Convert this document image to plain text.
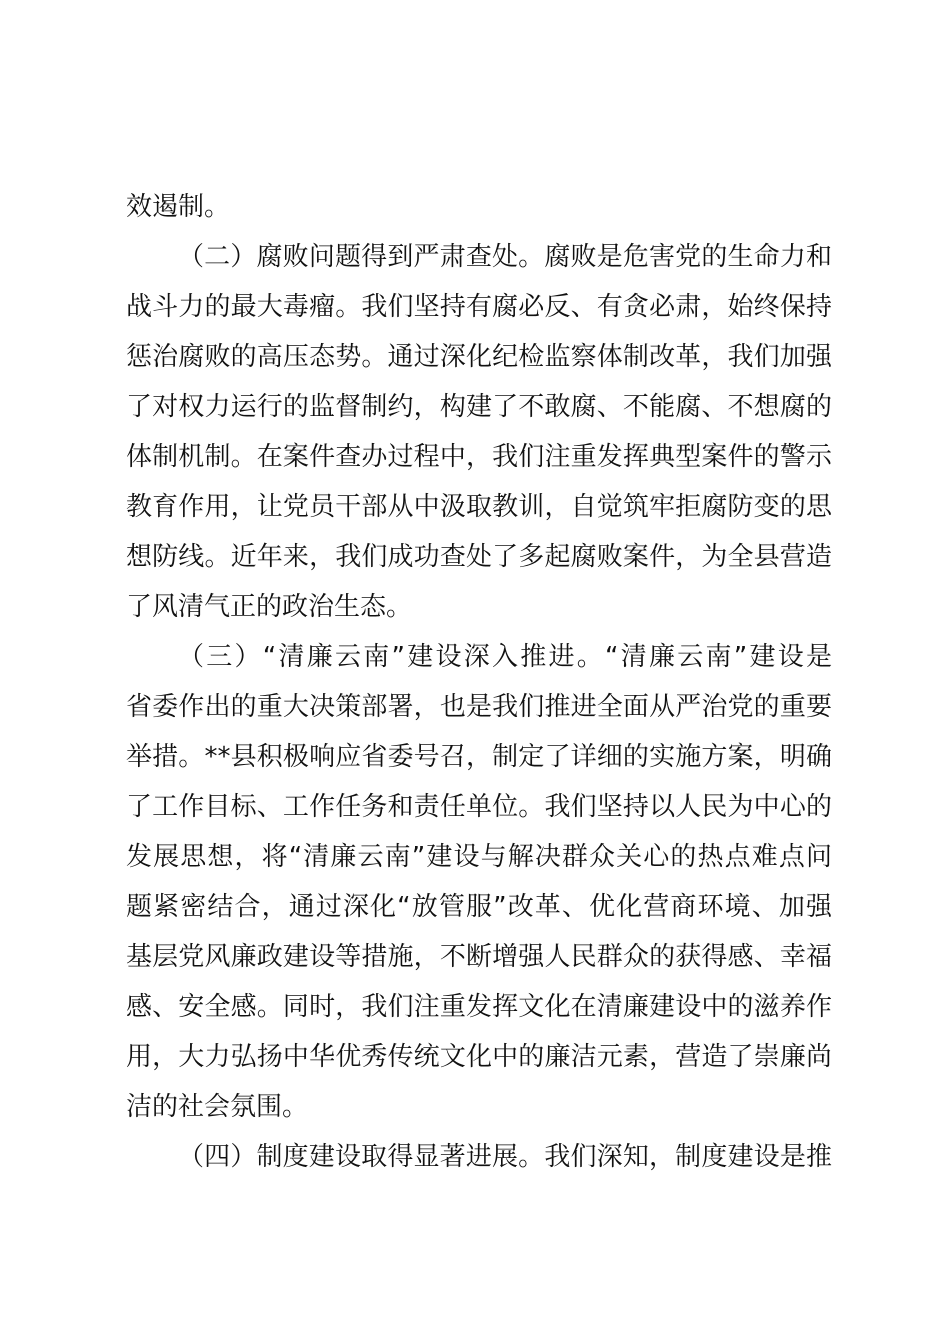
效遏制。
（二）腐败问题得到严肃查处。腐败是危害党的生命力和
战斗力的最大毒瘤。我们坚持有腐必反、有贪必肃，始终保持
惩治腐败的高压态势。通过深化纪检监察体制改革，我们加强
了对权力运行的监督制约，构建了不敢腐、不能腐、不想腐的
体制机制。在案件查办过程中，我们注重发挥典型案件的警示
教育作用，让党员干部从中汲取教训，自觉筑牢拒腐防变的思
想防线。近年来，我们成功查处了多起腐败案件，为全县营造
了风清气正的政治生态。
（三）“清廉云南”建设深入推进。“清廉云南”建设是
省委作出的重大决策部署，也是我们推进全面从严治党的重要
举措。**县积极响应省委号召，制定了详细的实施方案，明确
了工作目标、工作任务和责任单位。我们坚持以人民为中心的
发展思想，将“清廉云南”建设与解决群众关心的热点难点问
题紧密结合，通过深化“放管服”改革、优化营商环境、加强
基层党风廉政建设等措施，不断增强人民群众的获得感、幸福
感、安全感。同时，我们注重发挥文化在清廉建设中的滋养作
用，大力弘扬中华优秀传统文化中的廉洁元素，营造了崇廉尚
洁的社会氛围。
（四）制度建设取得显著进展。我们深知，制度建设是推
